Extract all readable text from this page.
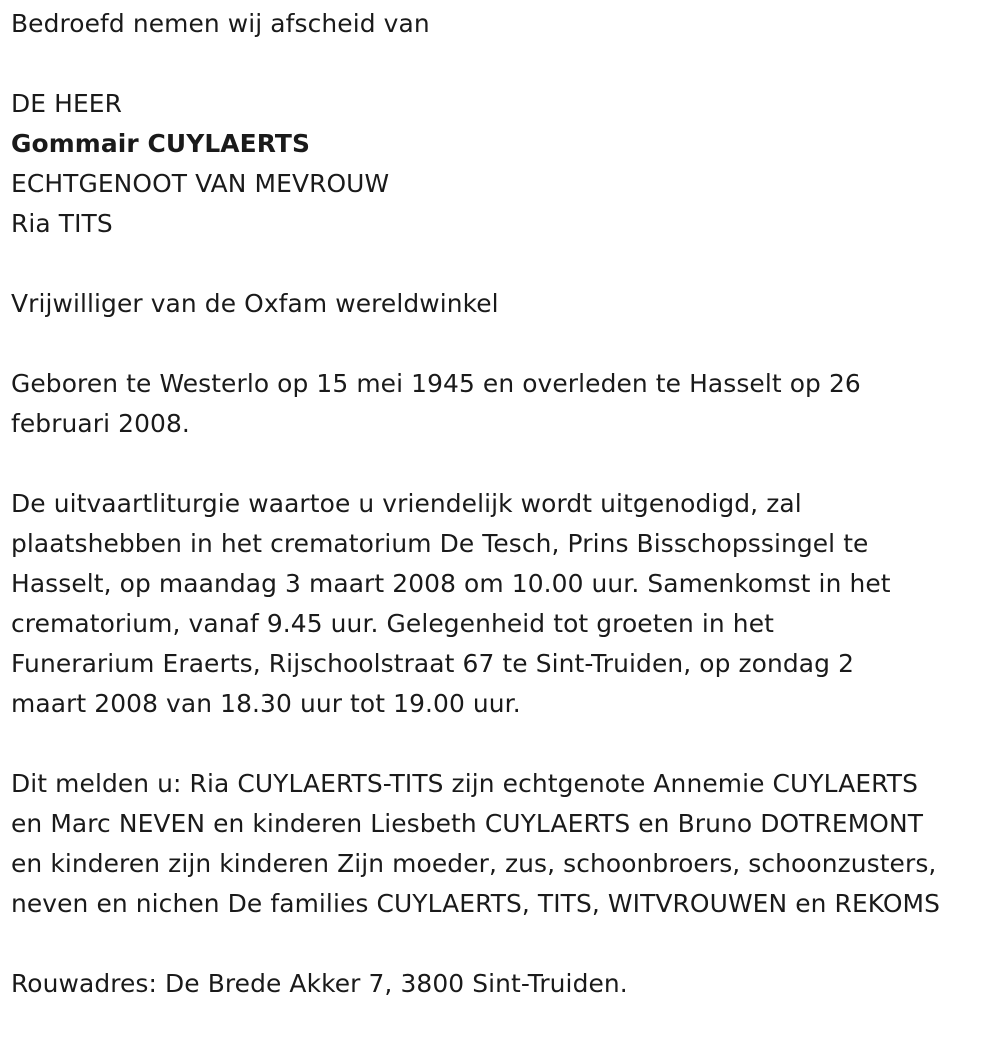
Bedroefd nemen wij afscheid van

DE HEER

Gommair CUYLAERTS

ECHTGENOOT VAN MEVROUW

Ria TITS

Vrijwilliger van de Oxfam wereldwinkel

Geboren te Westerlo op 15 mei 1945 en overleden te Hasselt op 26

februari 2008.

De uitvaartliturgie waartoe u vriendelijk wordt uitgenodigd, zal

plaatshebben in het crematorium De Tesch, Prins Bisschopssingel te

Hasselt, op maandag 3 maart 2008 om 10.00 uur. Samenkomst in het

crematorium, vanaf 9.45 uur. Gelegenheid tot groeten in het

Funerarium Eraerts, Rijschoolstraat 67 te Sint-Truiden, op zondag 2

maart 2008 van 18.30 uur tot 19.00 uur.

Dit melden u: Ria CUYLAERTS-TITS zijn echtgenote Annemie CUYLAERTS

en Marc NEVEN en kinderen Liesbeth CUYLAERTS en Bruno DOTREMONT

en kinderen zijn kinderen Zijn moeder, zus, schoonbroers, schoonzusters,

neven en nichen De families CUYLAERTS, TITS, WITVROUWEN en REKOMS

Rouwadres: De Brede Akker 7, 3800 Sint-Truiden.
